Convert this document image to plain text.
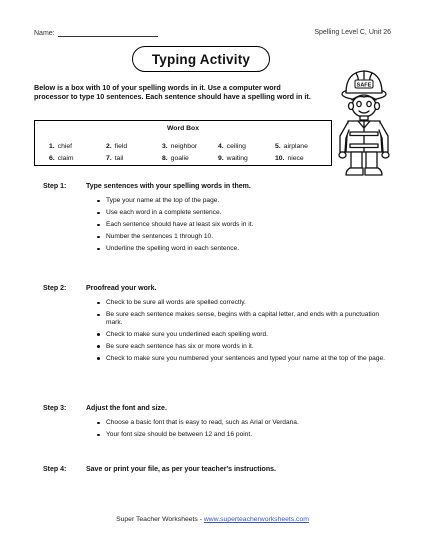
Name:	Spelling Level C, Unit 26
Typing Activity
Below is a box with 10 of your spelling words in it. Use a computer word processor to type 10 sentences. Each sentence should have a spelling word in it.
SAFE
Word Box
1. chief	2. field	3. neighbor	4. ceiling	5. airplane
6. claim	7. tail	8. goalie	9. waiting	10. niece
Step 1:	Type sentences with your spelling words in them.
Type your name at the top of the page.
Use each word in a complete sentence.
Each sentence should have at least six words in it.
Number the sentences 1 through 10.
Underline the spelling word in each sentence.
Step 2:	Proofread your work.
Check to be sure all words are spelled correctly.
Be sure each sentence makes sense, begins with a capital letter, and ends with a punctuation mark.
Check to make sure you underlined each spelling word.
Be sure each sentence has six or more words in it.
Check to make sure you numbered your sentences and typed your name at the top of the page.
Step 3:	Adjust the font and size.
Choose a basic font that is easy to read, such as Arial or Verdana.
Your font size should be between 12 and 16 point.
Step 4:	Save or print your file, as per your teacher's instructions.
Super Teacher Worksheets - www.superteacherworksheets.com
